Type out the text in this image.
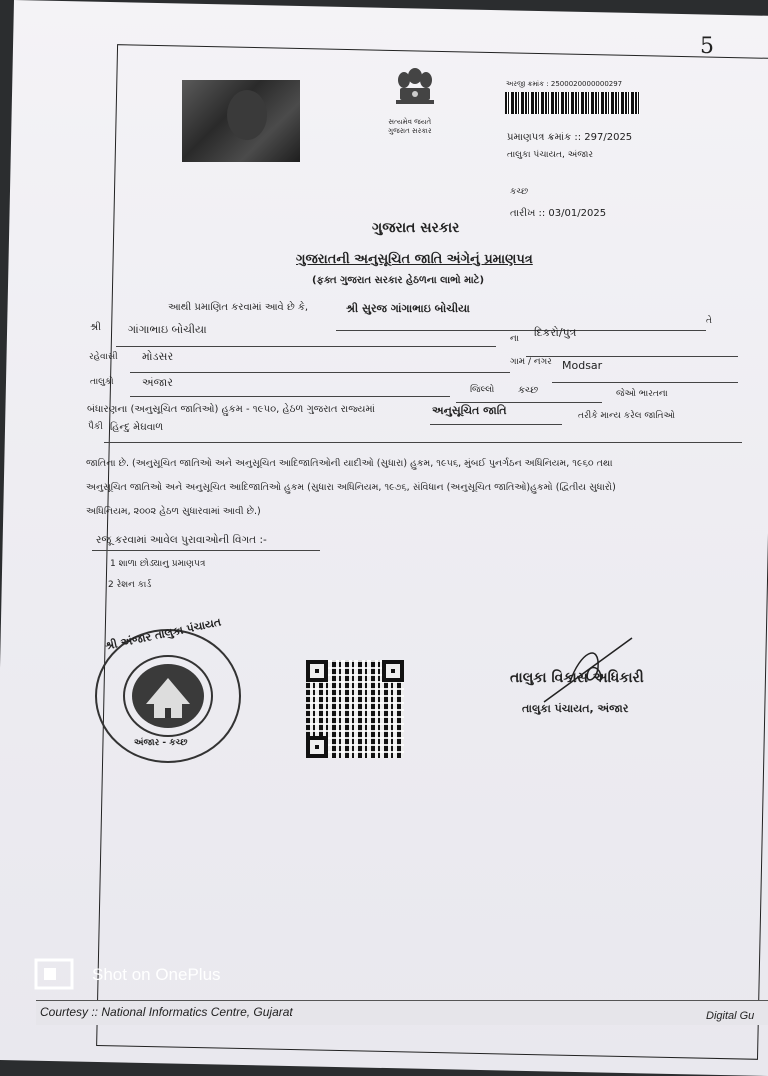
5
સત્યમેવ જયતે
ગુજરાત સરકાર
અરજી ક્રમાંક : 2500020000000297
પ્રમાણપત્ર ક્રમાંક :: 297/2025
તાલુકા પંચાયત, અંજાર
કચ્છ
તારીખ :: 03/01/2025
ગુજરાત સરકાર
ગુજરાતની અનુસૂચિત જાતિ અંગેનું પ્રમાણપત્ર
(ફક્ત ગુજરાત સરકાર હેઠળના લાભો માટે)
આથી પ્રમાણિત કરવામાં આવે છે કે,	શ્રી સુરજ ગાંગાભાઇ બોચીયા
તે
શ્રી ગાંગાભાઇ બોચીયા
ના દિકરો/પુત્ર
રહેવાસી મોડસર	ગામ / નગર Modsar
તાલુકો	અંજાર
જિલ્લો કચ્છ	જેઓ ભારતના
બંધારણના (અનુસૂચિત જાતિઓ) હુકમ - ૧૯૫૦, હેઠળ ગુજરાત રાજ્યમાં	અનુસૂચિત જાતિ	તરીકે માન્ય કરેલ જાતિઓ
પૈકી હિન્દુ મેઘવાળ
જાતિના છે. (અનુસૂચિત જાતિઓ અને અનુસૂચિત આદિજાતિઓની યાદીઓ (સુધારા) હુકમ, ૧૯૫૬, મુંબઈ પુનર્ગઠન અધિનિયમ, ૧૯૬૦ તથા
અનુસૂચિત જાતિઓ અને અનુસૂચિત આદિજાતિઓ હુકમ (સુધારા અધિનિયમ, ૧૯૭૬, સંવિધાન (અનુસૂચિત જાતિઓ)હુકમો (દ્વિતીય સુધારો)
અધિનિયમ, ૨૦૦૨ હેઠળ સુધારવામાં આવી છે.)
રજૂ કરવામાં આવેલ પુરાવાઓની વિગત :-
1 શાળા છોડ્યાનુ પ્રમાણપત્ર
2 રેશન કાર્ડ
શ્રી અંજાર તાલુકા પંચાયત
અંજાર - કચ્છ
તાલુકા વિકાસ અધિકારી
તાલુકા પંચાયત, અંજાર
Shot on OnePlus
Courtesy :: National Informatics Centre, Gujarat	Digital Gu
